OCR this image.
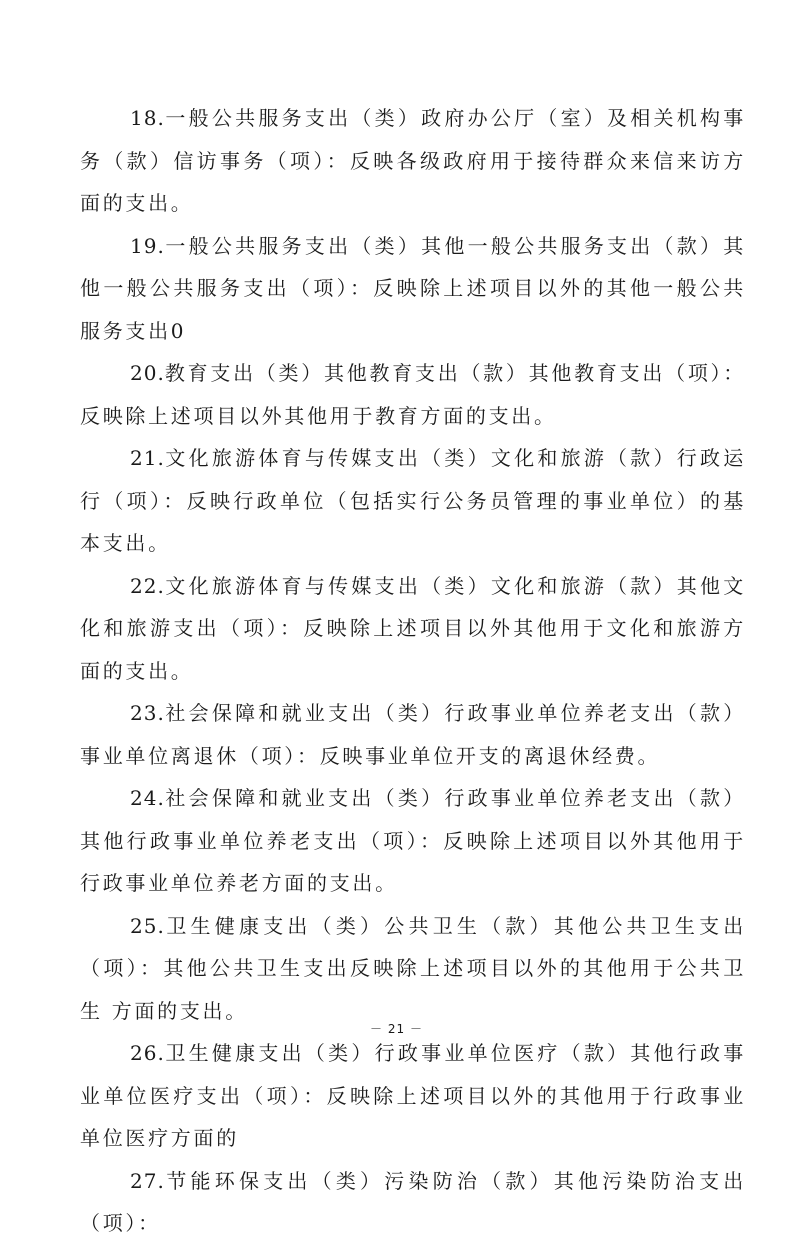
18.一般公共服务支出（类）政府办公厅（室）及相关机构事务（款）信访事务（项）：反映各级政府用于接待群众来信来访方面的支出。

19.一般公共服务支出（类）其他一般公共服务支出（款）其他一般公共服务支出（项）：反映除上述项目以外的其他一般公共服务支出0

20.教育支出（类）其他教育支出（款）其他教育支出（项）：反映除上述项目以外其他用于教育方面的支出。

21.文化旅游体育与传媒支出（类）文化和旅游（款）行政运行（项）：反映行政单位（包括实行公务员管理的事业单位）的基本支出。

22.文化旅游体育与传媒支出（类）文化和旅游（款）其他文化和旅游支出（项）：反映除上述项目以外其他用于文化和旅游方面的支出。

23.社会保障和就业支出（类）行政事业单位养老支出（款）事业单位离退休（项）：反映事业单位开支的离退休经费。

24.社会保障和就业支出（类）行政事业单位养老支出（款）其他行政事业单位养老支出（项）：反映除上述项目以外其他用于行政事业单位养老方面的支出。

25.卫生健康支出（类）公共卫生（款）其他公共卫生支出（项）：其他公共卫生支出反映除上述项目以外的其他用于公共卫生 方面的支出。

26.卫生健康支出（类）行政事业单位医疗（款）其他行政事业单位医疗支出（项）：反映除上述项目以外的其他用于行政事业单位医疗方面的

27.节能环保支出（类）污染防治（款）其他污染防治支出（项）：

－ 21 －
